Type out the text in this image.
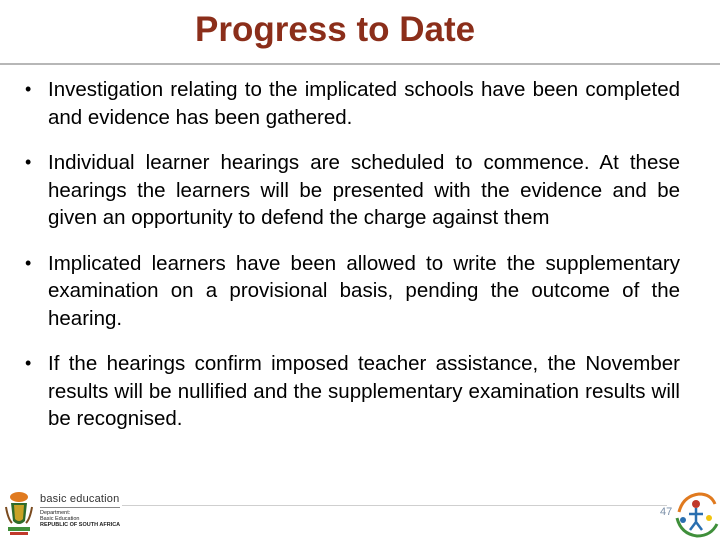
Progress to Date
• Investigation relating to the implicated schools have been completed and evidence has been gathered.
• Individual learner hearings are scheduled to commence. At these hearings the learners will be presented with the evidence and be given an opportunity to defend the charge against them
• Implicated learners have been allowed to write the supplementary examination on a provisional basis, pending the outcome of the hearing.
• If the hearings confirm imposed teacher assistance, the November results will be nullified and the supplementary examination results will be recognised.
basic education
Department:
Basic Education
REPUBLIC OF SOUTH AFRICA
47
